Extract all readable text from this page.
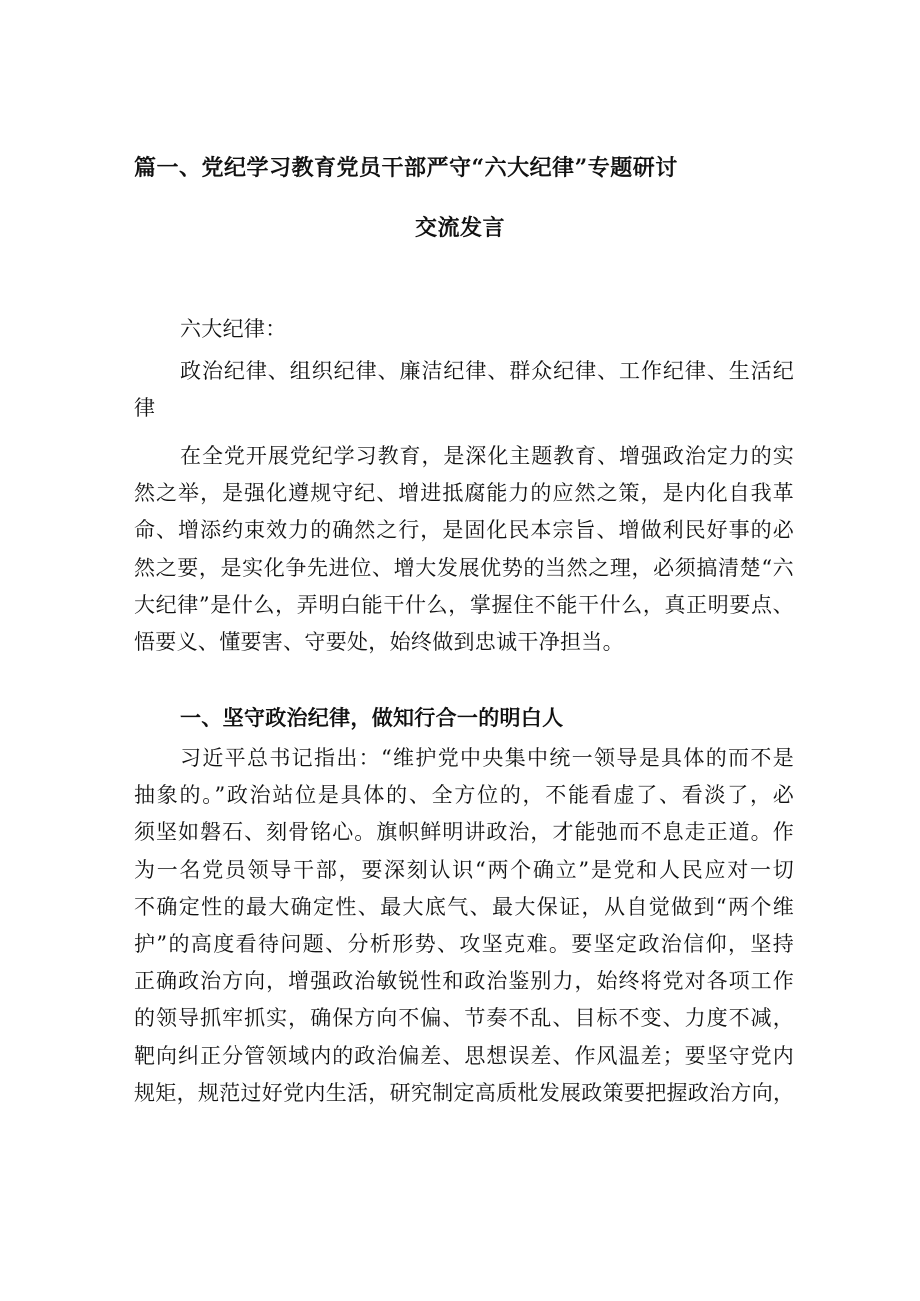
篇一、党纪学习教育党员干部严守“六大纪律”专题研讨
交流发言
六大纪律：
政治纪律、组织纪律、廉洁纪律、群众纪律、工作纪律、生活纪
律
在全党开展党纪学习教育，是深化主题教育、增强政治定力的实
然之举，是强化遵规守纪、增进抵腐能力的应然之策，是内化自我革
命、增添约束效力的确然之行，是固化民本宗旨、增做利民好事的必
然之要，是实化争先进位、增大发展优势的当然之理，必须搞清楚“六
大纪律”是什么，弄明白能干什么，掌握住不能干什么，真正明要点、
悟要义、懂要害、守要处，始终做到忠诚干净担当。
一、坚守政治纪律，做知行合一的明白人
习近平总书记指出：“维护党中央集中统一领导是具体的而不是
抽象的。”政治站位是具体的、全方位的，不能看虚了、看淡了，必
须坚如磐石、刻骨铭心。旗帜鲜明讲政治，才能弛而不息走正道。作
为一名党员领导干部，要深刻认识“两个确立”是党和人民应对一切
不确定性的最大确定性、最大底气、最大保证，从自觉做到“两个维
护”的高度看待问题、分析形势、攻坚克难。要坚定政治信仰，坚持
正确政治方向，增强政治敏锐性和政治鉴别力，始终将党对各项工作
的领导抓牢抓实，确保方向不偏、节奏不乱、目标不变、力度不减，
靶向纠正分管领域内的政治偏差、思想误差、作风温差；要坚守党内
规矩，规范过好党内生活，研究制定高质枇发展政策要把握政治方向，
